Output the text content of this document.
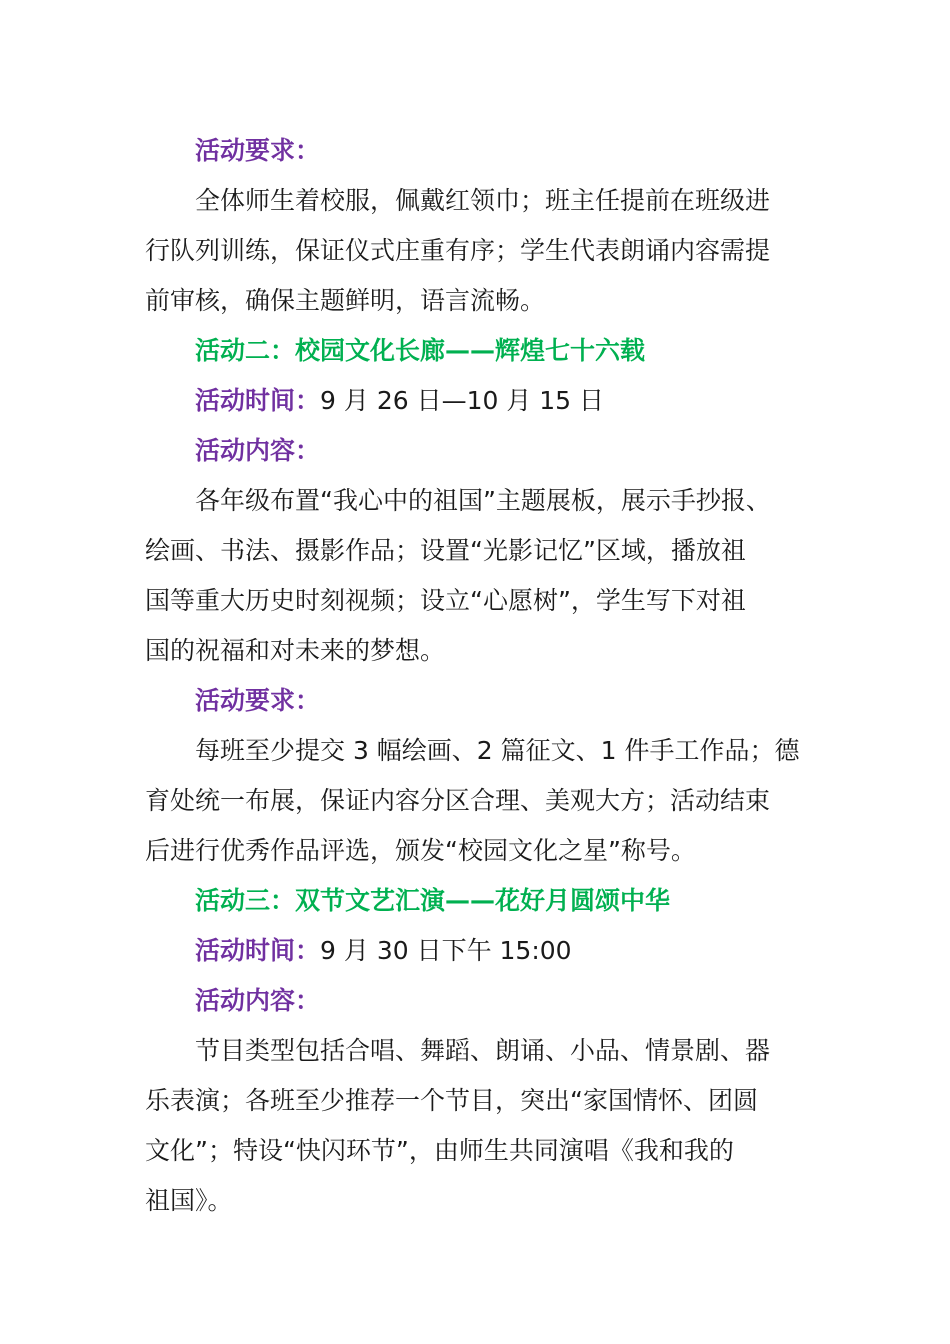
活动要求：
全体师生着校服，佩戴红领巾；班主任提前在班级进
行队列训练，保证仪式庄重有序；学生代表朗诵内容需提
前审核，确保主题鲜明，语言流畅。
活动二：校园文化长廊——辉煌七十六载
活动时间：9 月 26 日—10 月 15 日
活动内容：
各年级布置“我心中的祖国”主题展板，展示手抄报、
绘画、书法、摄影作品；设置“光影记忆”区域，播放祖
国等重大历史时刻视频；设立“心愿树”，学生写下对祖
国的祝福和对未来的梦想。
活动要求：
每班至少提交 3 幅绘画、2 篇征文、1 件手工作品；德
育处统一布展，保证内容分区合理、美观大方；活动结束
后进行优秀作品评选，颁发“校园文化之星”称号。
活动三：双节文艺汇演——花好月圆颂中华
活动时间：9 月 30 日下午 15:00
活动内容：
节目类型包括合唱、舞蹈、朗诵、小品、情景剧、器
乐表演；各班至少推荐一个节目，突出“家国情怀、团圆
文化”；特设“快闪环节”，由师生共同演唱《我和我的
祖国》。
